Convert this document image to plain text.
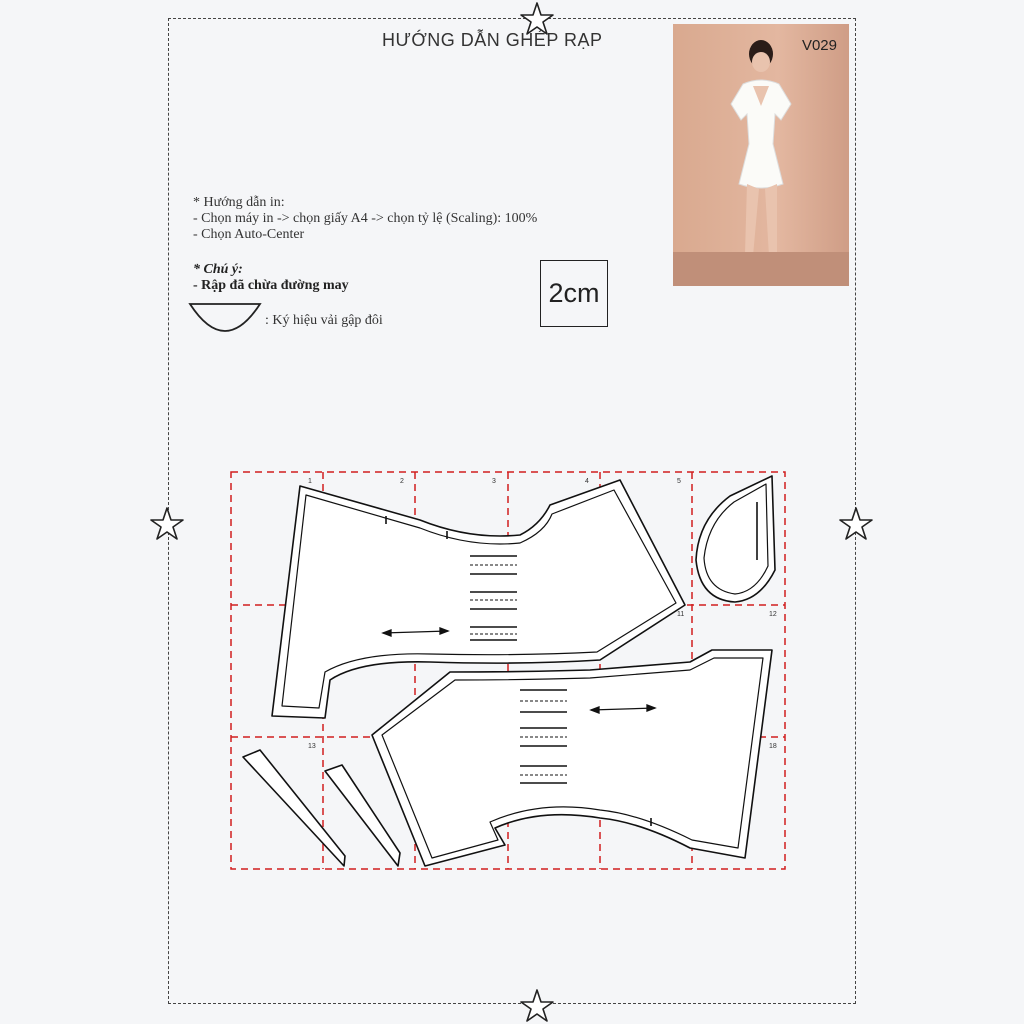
HƯỚNG DẪN GHÉP RẠP	V029
* Hướng dẫn in:
- Chọn máy in -> chọn giấy A4 -> chọn tỷ lệ (Scaling): 100%
- Chọn Auto-Center
* Chú ý:
- Rập đã chừa đường may
: Ký hiệu vải gập đôi
2cm
1	2	3	4	5
11	12
13	18
